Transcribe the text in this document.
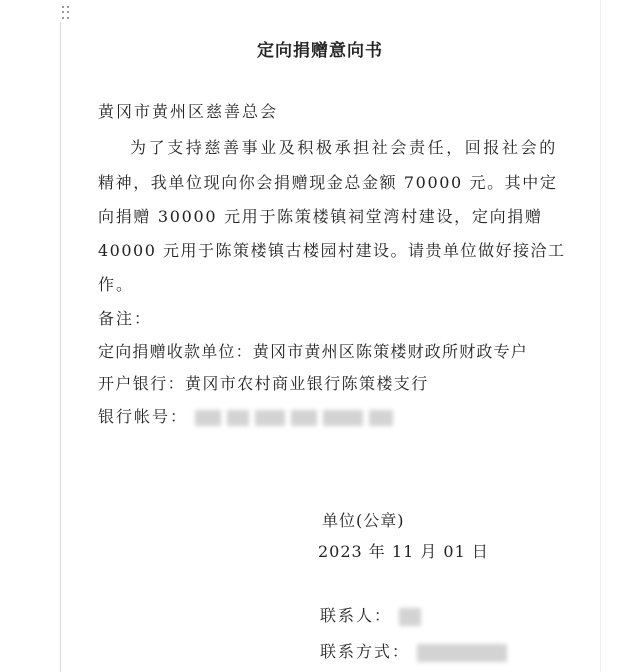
定向捐赠意向书
黄冈市黄州区慈善总会
为了支持慈善事业及积极承担社会责任，回报社会的
精神，我单位现向你会捐赠现金总金额 70000 元。其中定
向捐赠 30000 元用于陈策楼镇祠堂湾村建设，定向捐赠
40000 元用于陈策楼镇古楼园村建设。请贵单位做好接洽工
作。
备注：
定向捐赠收款单位：黄冈市黄州区陈策楼财政所财政专户
开户银行：黄冈市农村商业银行陈策楼支行
银行帐号：
单位(公章)
2023 年 11 月 01 日
联系人：
联系方式：
